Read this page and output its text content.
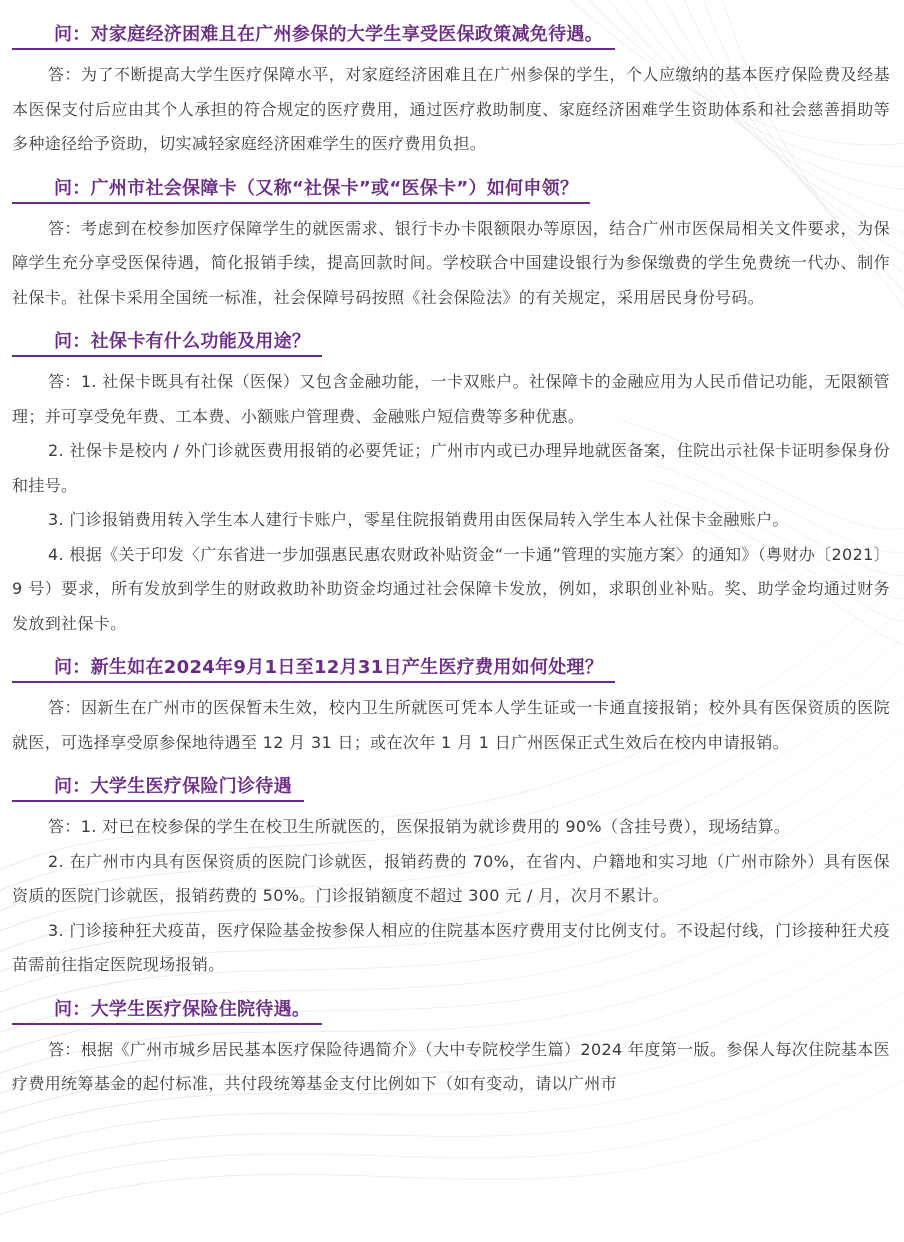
问：对家庭经济困难且在广州参保的大学生享受医保政策减免待遇。

答：为了不断提高大学生医疗保障水平，对家庭经济困难且在广州参保的学生，个人应缴纳的基本医疗保险费及经基本医保支付后应由其个人承担的符合规定的医疗费用，通过医疗救助制度、家庭经济困难学生资助体系和社会慈善捐助等多种途径给予资助，切实减轻家庭经济困难学生的医疗费用负担。

问：广州市社会保障卡（又称“社保卡”或“医保卡”）如何申领？

答：考虑到在校参加医疗保障学生的就医需求、银行卡办卡限额限办等原因，结合广州市医保局相关文件要求，为保障学生充分享受医保待遇，简化报销手续，提高回款时间。学校联合中国建设银行为参保缴费的学生免费统一代办、制作社保卡。社保卡采用全国统一标准，社会保障号码按照《社会保险法》的有关规定，采用居民身份号码。

问：社保卡有什么功能及用途？

答：1. 社保卡既具有社保（医保）又包含金融功能，一卡双账户。社保障卡的金融应用为人民币借记功能，无限额管理；并可享受免年费、工本费、小额账户管理费、金融账户短信费等多种优惠。

2. 社保卡是校内 / 外门诊就医费用报销的必要凭证；广州市内或已办理异地就医备案，住院出示社保卡证明参保身份和挂号。

3. 门诊报销费用转入学生本人建行卡账户，零星住院报销费用由医保局转入学生本人社保卡金融账户。

4. 根据《关于印发〈广东省进一步加强惠民惠农财政补贴资金“一卡通”管理的实施方案〉的通知》（粤财办〔2021〕9 号）要求，所有发放到学生的财政救助补助资金均通过社会保障卡发放，例如，求职创业补贴。奖、助学金均通过财务发放到社保卡。

问：新生如在2024年9月1日至12月31日产生医疗费用如何处理？

答：因新生在广州市的医保暂未生效，校内卫生所就医可凭本人学生证或一卡通直接报销；校外具有医保资质的医院就医，可选择享受原参保地待遇至 12 月 31 日；或在次年 1 月 1 日广州医保正式生效后在校内申请报销。

问：大学生医疗保险门诊待遇

答：1. 对已在校参保的学生在校卫生所就医的，医保报销为就诊费用的 90%（含挂号费），现场结算。

2. 在广州市内具有医保资质的医院门诊就医，报销药费的 70%，在省内、户籍地和实习地（广州市除外）具有医保资质的医院门诊就医，报销药费的 50%。门诊报销额度不超过 300 元 / 月，次月不累计。

3. 门诊接种狂犬疫苗，医疗保险基金按参保人相应的住院基本医疗费用支付比例支付。不设起付线，门诊接种狂犬疫苗需前往指定医院现场报销。

问：大学生医疗保险住院待遇。

答：根据《广州市城乡居民基本医疗保险待遇简介》（大中专院校学生篇）2024 年度第一版。参保人每次住院基本医疗费用统筹基金的起付标准，共付段统筹基金支付比例如下（如有变动，请以广州市
